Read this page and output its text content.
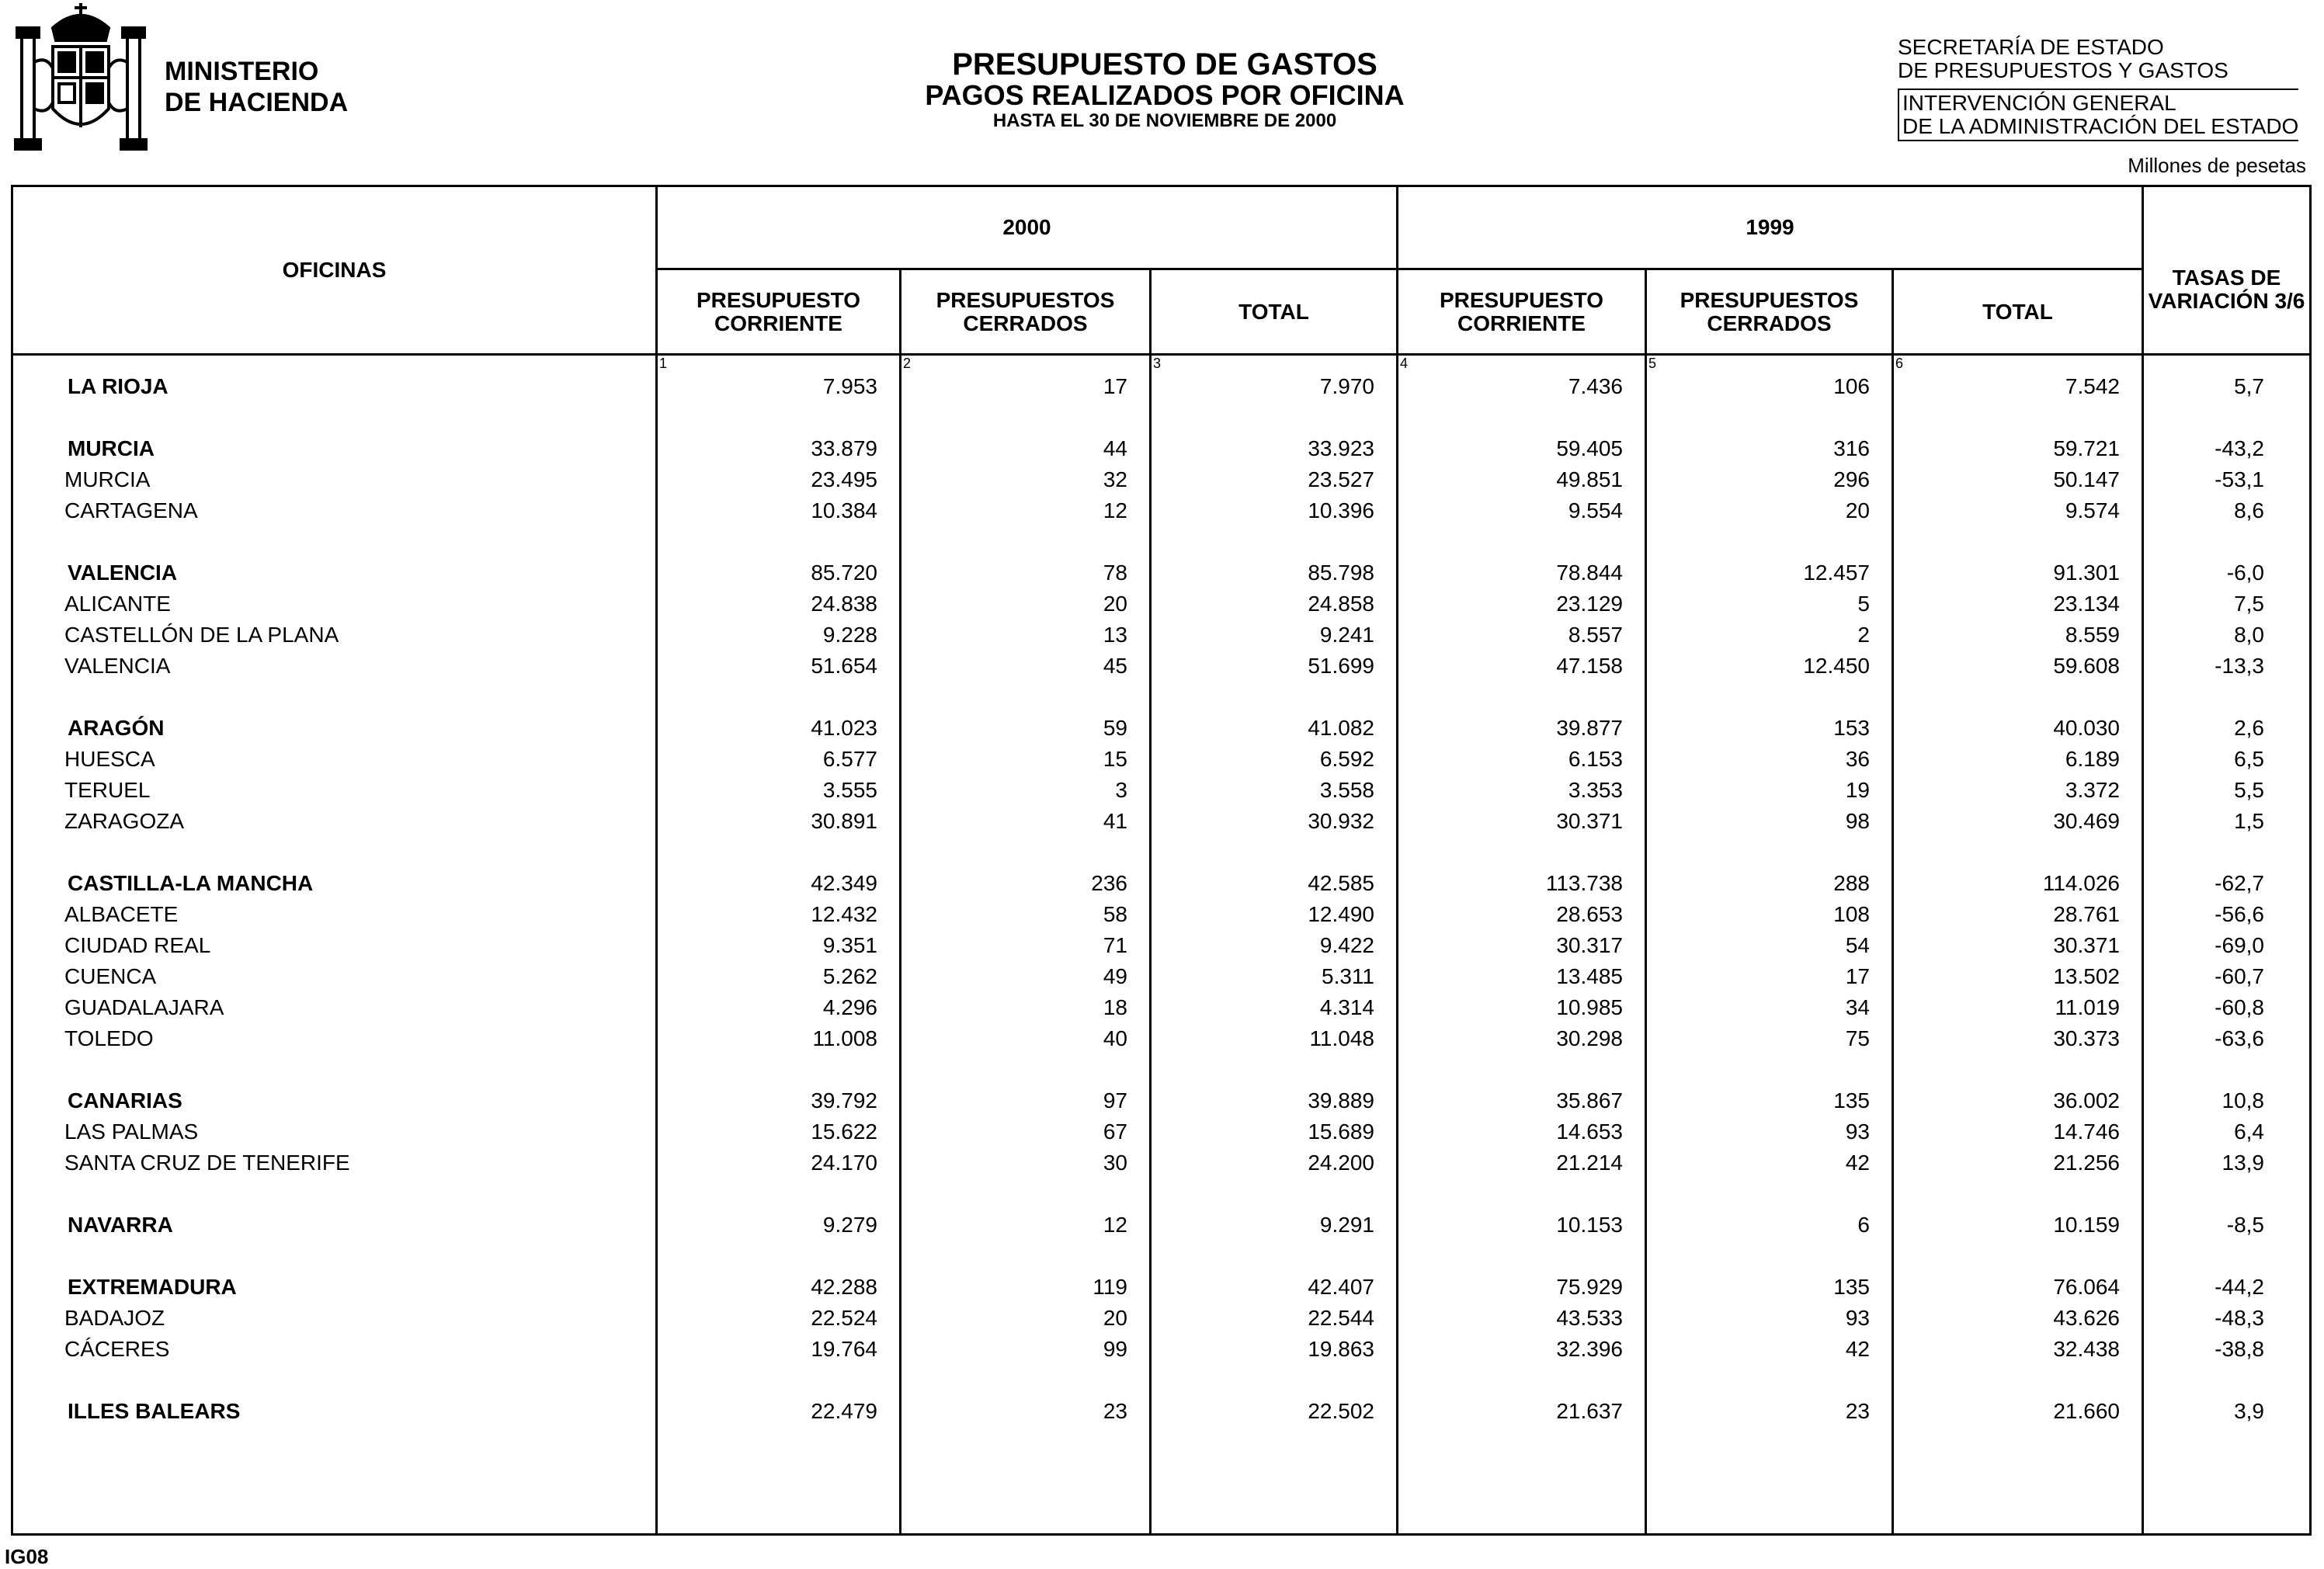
MINISTERIO
DE HACIENDA
PRESUPUESTO DE GASTOS
PAGOS REALIZADOS POR OFICINA
HASTA EL 30 DE NOVIEMBRE DE 2000
SECRETARÍA DE ESTADO
DE PRESUPUESTOS Y GASTOS
INTERVENCIÓN GENERAL
DE LA ADMINISTRACIÓN DEL ESTADO
Millones de pesetas
OFICINAS	2000			1999			TASAS DE VARIACIÓN 3/6
	PRESUPUESTO CORRIENTE	PRESUPUESTOS CERRADOS	TOTAL	PRESUPUESTO CORRIENTE	PRESUPUESTOS CERRADOS	TOTAL	
	1	2	3	4	5	6	
LA RIOJA	7.953	17	7.970	7.436	106	7.542	5,7

MURCIA	33.879	44	33.923	59.405	316	59.721	-43,2
MURCIA	23.495	32	23.527	49.851	296	50.147	-53,1
CARTAGENA	10.384	12	10.396	9.554	20	9.574	8,6

VALENCIA	85.720	78	85.798	78.844	12.457	91.301	-6,0
ALICANTE	24.838	20	24.858	23.129	5	23.134	7,5
CASTELLÓN DE LA PLANA	9.228	13	9.241	8.557	2	8.559	8,0
VALENCIA	51.654	45	51.699	47.158	12.450	59.608	-13,3

ARAGÓN	41.023	59	41.082	39.877	153	40.030	2,6
HUESCA	6.577	15	6.592	6.153	36	6.189	6,5
TERUEL	3.555	3	3.558	3.353	19	3.372	5,5
ZARAGOZA	30.891	41	30.932	30.371	98	30.469	1,5

CASTILLA-LA MANCHA	42.349	236	42.585	113.738	288	114.026	-62,7
ALBACETE	12.432	58	12.490	28.653	108	28.761	-56,6
CIUDAD REAL	9.351	71	9.422	30.317	54	30.371	-69,0
CUENCA	5.262	49	5.311	13.485	17	13.502	-60,7
GUADALAJARA	4.296	18	4.314	10.985	34	11.019	-60,8
TOLEDO	11.008	40	11.048	30.298	75	30.373	-63,6

CANARIAS	39.792	97	39.889	35.867	135	36.002	10,8
LAS PALMAS	15.622	67	15.689	14.653	93	14.746	6,4
SANTA CRUZ DE TENERIFE	24.170	30	24.200	21.214	42	21.256	13,9

NAVARRA	9.279	12	9.291	10.153	6	10.159	-8,5

EXTREMADURA	42.288	119	42.407	75.929	135	76.064	-44,2
BADAJOZ	22.524	20	22.544	43.533	93	43.626	-48,3
CÁCERES	19.764	99	19.863	32.396	42	32.438	-38,8

ILLES BALEARS	22.479	23	22.502	21.637	23	21.660	3,9

IG08
